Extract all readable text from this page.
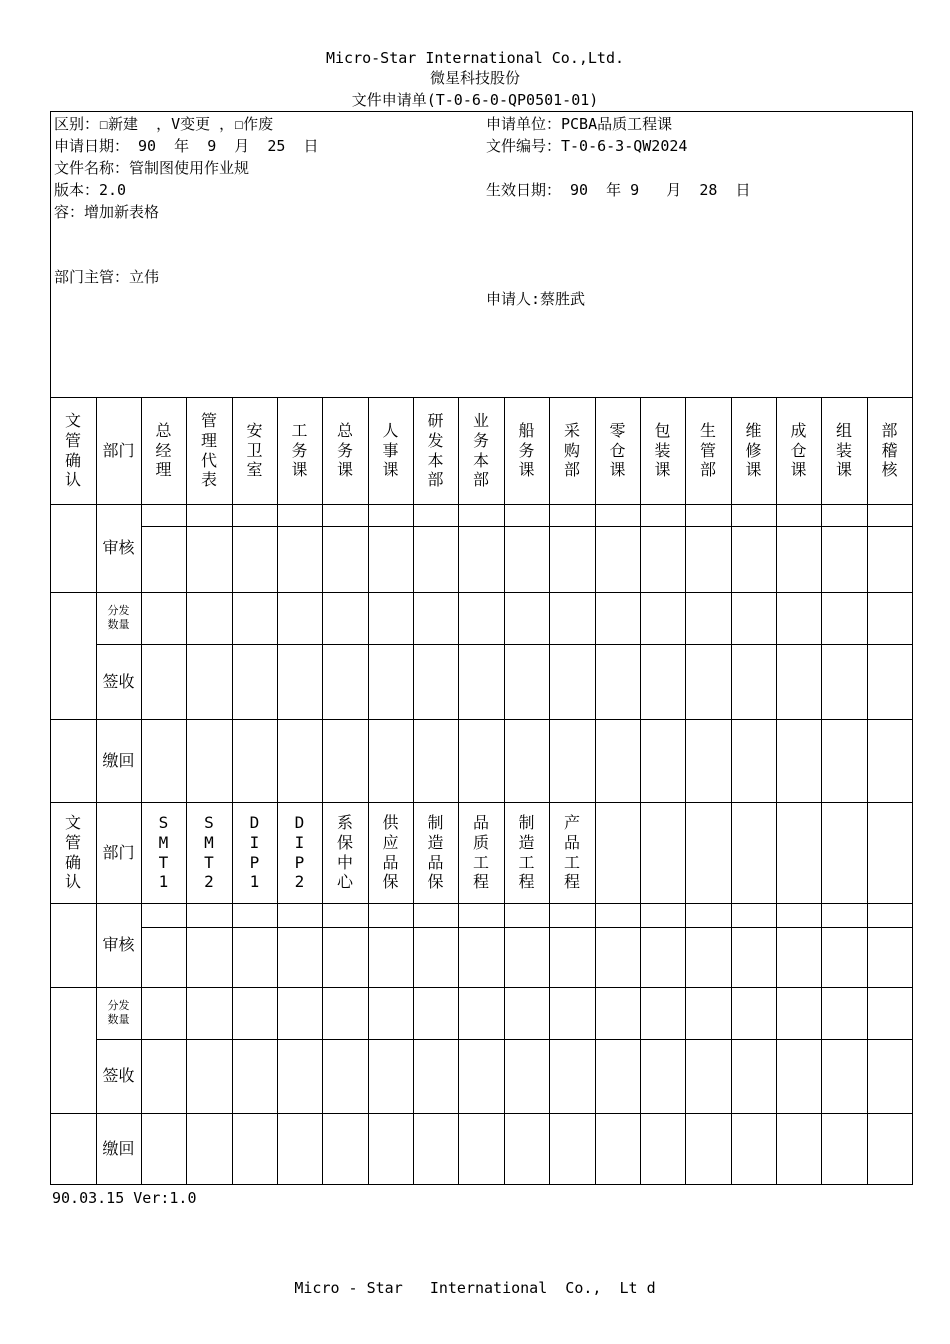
Micro-Star International Co.,Ltd.
微星科技股份
文件申请单(T-0-6-0-QP0501-01)
区别：☐新建  ，V变更 ，☐作废
申请日期： 90  年  9  月  25  日
文件名称：管制图使用作业规
版本：2.0
容：增加新表格
部门主管：立伟
申请单位：PCBA品质工程课
文件编号：T-0-6-3-QW2024
生效日期： 90  年 9   月  28  日
申请人:蔡胜武
文
管
确
认
部门
总
经
理
管
理
代
表
安
卫
室
工
务
课
总
务
课
人
事
课
研
发
本
部
业
务
本
部
船
务
课
采
购
部
零
仓
课
包
装
课
生
管
部
维
修
课
成
仓
课
组
装
课
部
稽
核
审核
分发
数量
签收
缴回
文
管
确
认
部门
S
M
T
1
S
M
T
2
D
I
P
1
D
I
P
2
系
保
中
心
供
应
品
保
制
造
品
保
品
质
工
程
制
造
工
程
产
品
工
程
审核
分发
数量
签收
缴回
90.03.15 Ver:1.0
Micro - Star   International  Co.,  Lt d
